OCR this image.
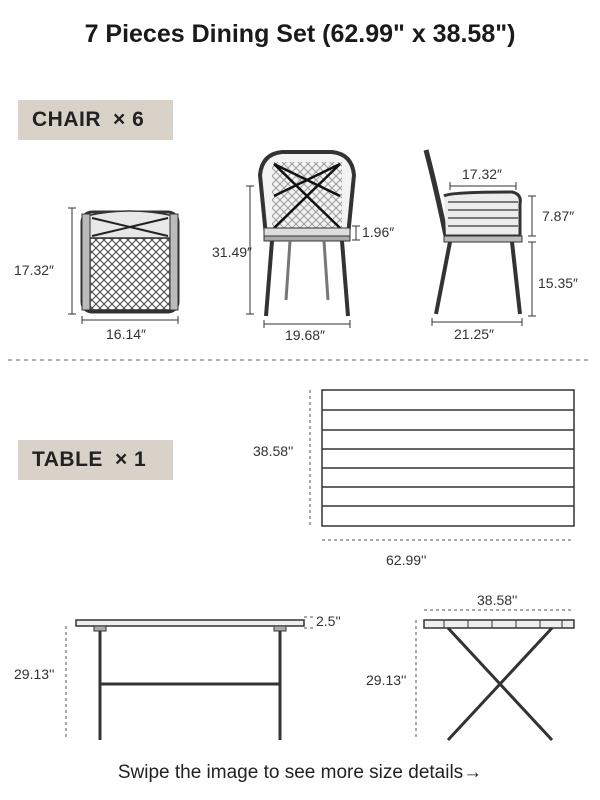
7 Pieces Dining Set (62.99" x 38.58")
CHAIR × 6
TABLE × 1
17.32″
16.14″
31.49″
1.96″
19.68″
17.32″
7.87″
15.35″
21.25″
38.58''
62.99''
29.13''
2.5''
38.58''
29.13''
Swipe the image to see more size details→
